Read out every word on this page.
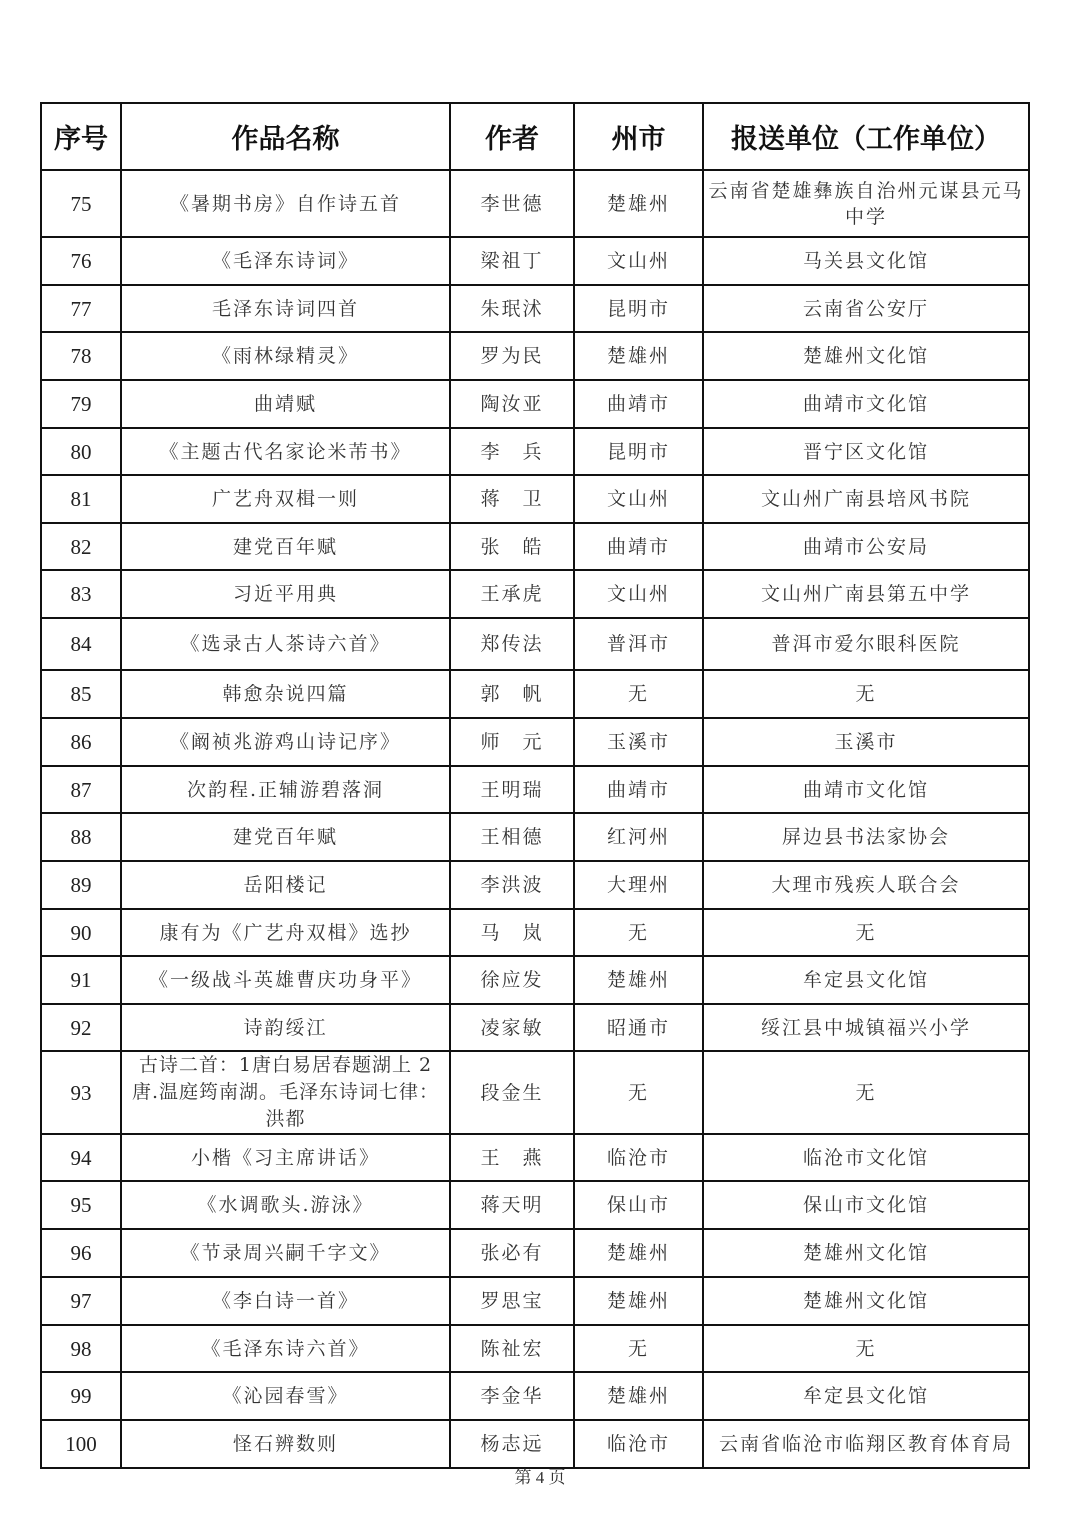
序号	作品名称	作者	州市	报送单位（工作单位）
75	《暑期书房》自作诗五首	李世德	楚雄州	云南省楚雄彝族自治州元谋县元马中学
76	《毛泽东诗词》	梁祖丁	文山州	马关县文化馆
77	毛泽东诗词四首	朱珉沭	昆明市	云南省公安厅
78	《雨林绿精灵》	罗为民	楚雄州	楚雄州文化馆
79	曲靖赋	陶汝亚	曲靖市	曲靖市文化馆
80	《主题古代名家论米芾书》	李　兵	昆明市	晋宁区文化馆
81	广艺舟双楫一则	蒋　卫	文山州	文山州广南县培风书院
82	建党百年赋	张　皓	曲靖市	曲靖市公安局
83	习近平用典	王承虎	文山州	文山州广南县第五中学
84	《选录古人茶诗六首》	郑传法	普洱市	普洱市爱尔眼科医院
85	韩愈杂说四篇	郭　帆	无	无
86	《阚祯兆游鸡山诗记序》	师　元	玉溪市	玉溪市
87	次韵程.正辅游碧落洞	王明瑞	曲靖市	曲靖市文化馆
88	建党百年赋	王相德	红河州	屏边县书法家协会
89	岳阳楼记	李洪波	大理州	大理市残疾人联合会
90	康有为《广艺舟双楫》选抄	马　岚	无	无
91	《一级战斗英雄曹庆功身平》	徐应发	楚雄州	牟定县文化馆
92	诗韵绥江	凌家敏	昭通市	绥江县中城镇福兴小学
93	古诗二首：1唐白易居春题湖上 2唐.温庭筠南湖。毛泽东诗词七律：洪都	段金生	无	无
94	小楷《习主席讲话》	王　燕	临沧市	临沧市文化馆
95	《水调歌头.游泳》	蒋天明	保山市	保山市文化馆
96	《节录周兴嗣千字文》	张必有	楚雄州	楚雄州文化馆
97	《李白诗一首》	罗思宝	楚雄州	楚雄州文化馆
98	《毛泽东诗六首》	陈祉宏	无	无
99	《沁园春雪》	李金华	楚雄州	牟定县文化馆
100	怪石辨数则	杨志远	临沧市	云南省临沧市临翔区教育体育局
第 4 页
